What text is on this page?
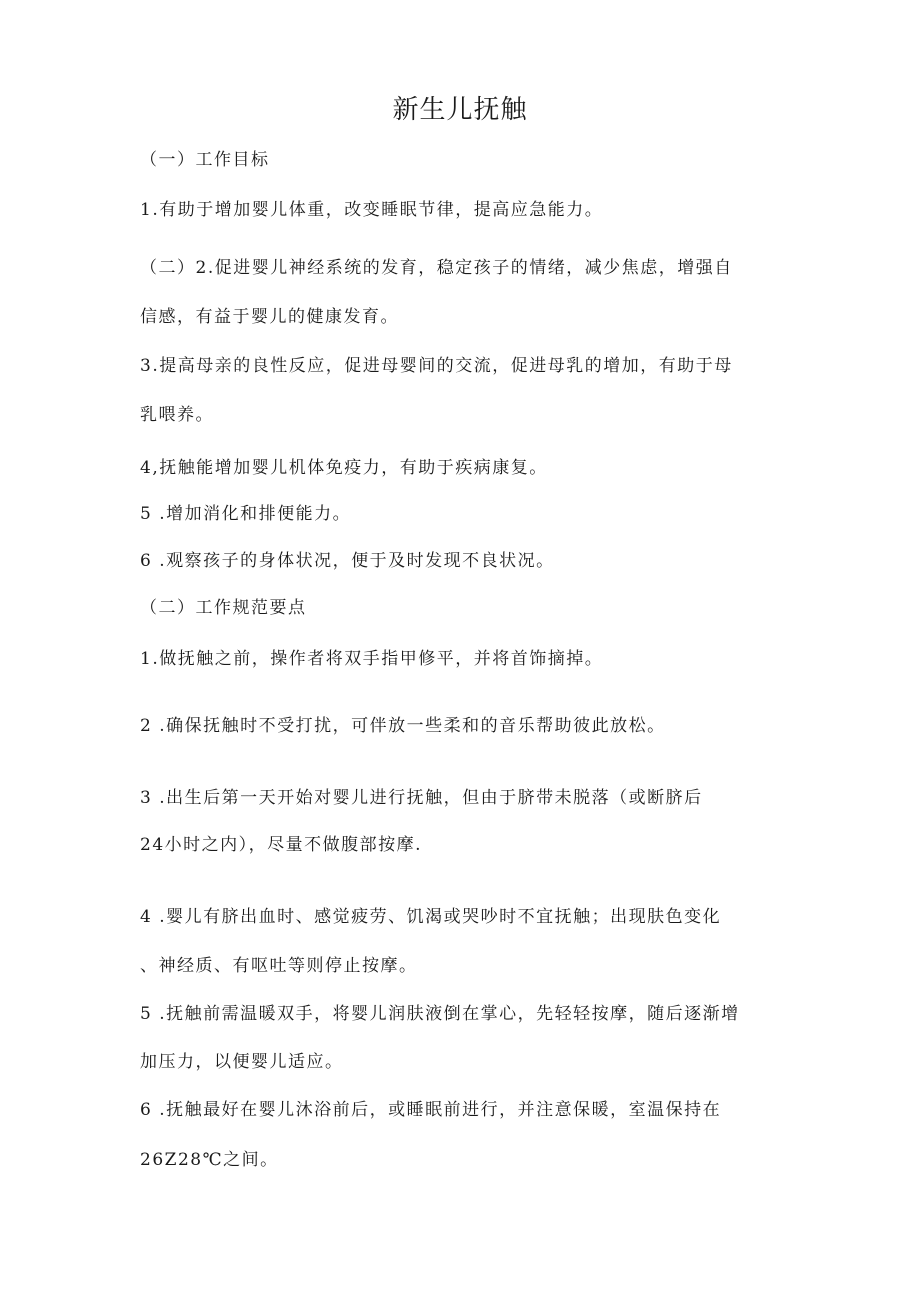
新生儿抚触
（一）工作目标
1.有助于增加婴儿体重，改变睡眠节律，提高应急能力。
（二）2.促进婴儿神经系统的发育，稳定孩子的情绪，减少焦虑，增强自
信感，有益于婴儿的健康发育。
3.提高母亲的良性反应，促进母婴间的交流，促进母乳的增加，有助于母
乳喂养。
4,抚触能增加婴儿机体免疫力，有助于疾病康复。
5 .增加消化和排便能力。
6 .观察孩子的身体状况，便于及时发现不良状况。
（二）工作规范要点
1.做抚触之前，操作者将双手指甲修平，并将首饰摘掉。
2 .确保抚触时不受打扰，可伴放一些柔和的音乐帮助彼此放松。
3 .出生后第一天开始对婴儿进行抚触，但由于脐带未脱落（或断脐后
24小时之内），尽量不做腹部按摩.
4 .婴儿有脐出血时、感觉疲劳、饥渴或哭吵时不宜抚触；出现肤色变化
、神经质、有呕吐等则停止按摩。
5 .抚触前需温暖双手，将婴儿润肤液倒在掌心，先轻轻按摩，随后逐渐增
加压力，以便婴儿适应。
6 .抚触最好在婴儿沐浴前后，或睡眠前进行，并注意保暖，室温保持在
26Z28℃之间。
